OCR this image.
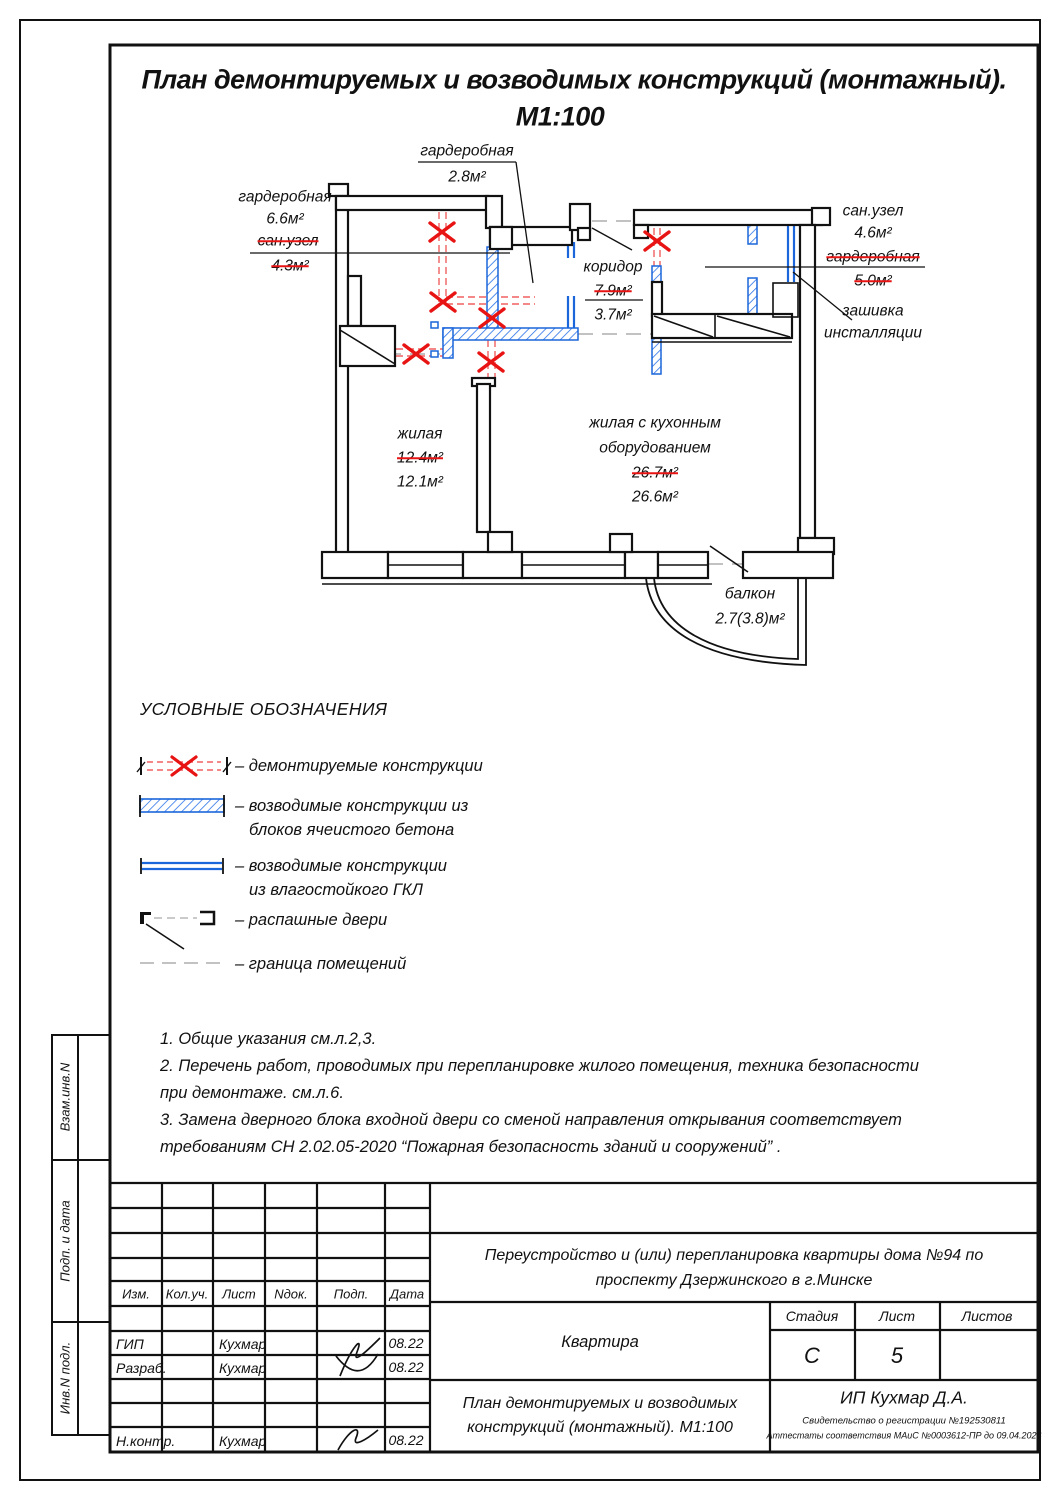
План демонтируемых и возводимых конструкций (монтажный).
М1:100
гардеробная
2.8м²
гардеробная
6.6м²
сан.узел
4.3м²	коридор
7.9м²
3.7м²
сан.узел
4.6м²
гардеробная
5.0м²
зашивка
инсталляции
жилая
12.4м²
12.1м²
жилая с кухонным
оборудованием
26.7м²
26.6м²
балкон
2.7(3.8)м²
УСЛОВНЫЕ ОБОЗНАЧЕНИЯ
– демонтируемые конструкции
– возводимые конструкции из
блоков ячеистого бетона
– возводимые конструкции
из влагостойкого ГКЛ
– распашные двери
– граница помещений
1. Общие указания см.л.2,3.
2. Перечень работ, проводимых при перепланировке жилого помещения, техника безопасности
при демонтаже. см.л.6.
3. Замена дверного блока входной двери со сменой направления открывания соответствует
требованиям СН 2.02.05-2020 “Пожарная безопасность зданий и сооружений” .
Взам.инв.N
Подп. и дата
Инв.N подл.
Изм. Кол.уч. Лист Nдок. Подп. Дата
ГИП	Кухмар	08.22
Разраб.	Кухмар	08.22
Н.контр.	Кухмар	08.22
Переустройство и (или) перепланировка квартиры дома №94 по проспекту Дзержинского в г.Минске
Квартира
Стадия	Лист	Листов
С	5
План демонтируемых и возводимых
конструкций (монтажный). М1:100
ИП Кухмар Д.А.
Свидетельство о регистрации №192530811
Аттестаты соответствия МАиС №0003612-ПР до 09.04.2026
